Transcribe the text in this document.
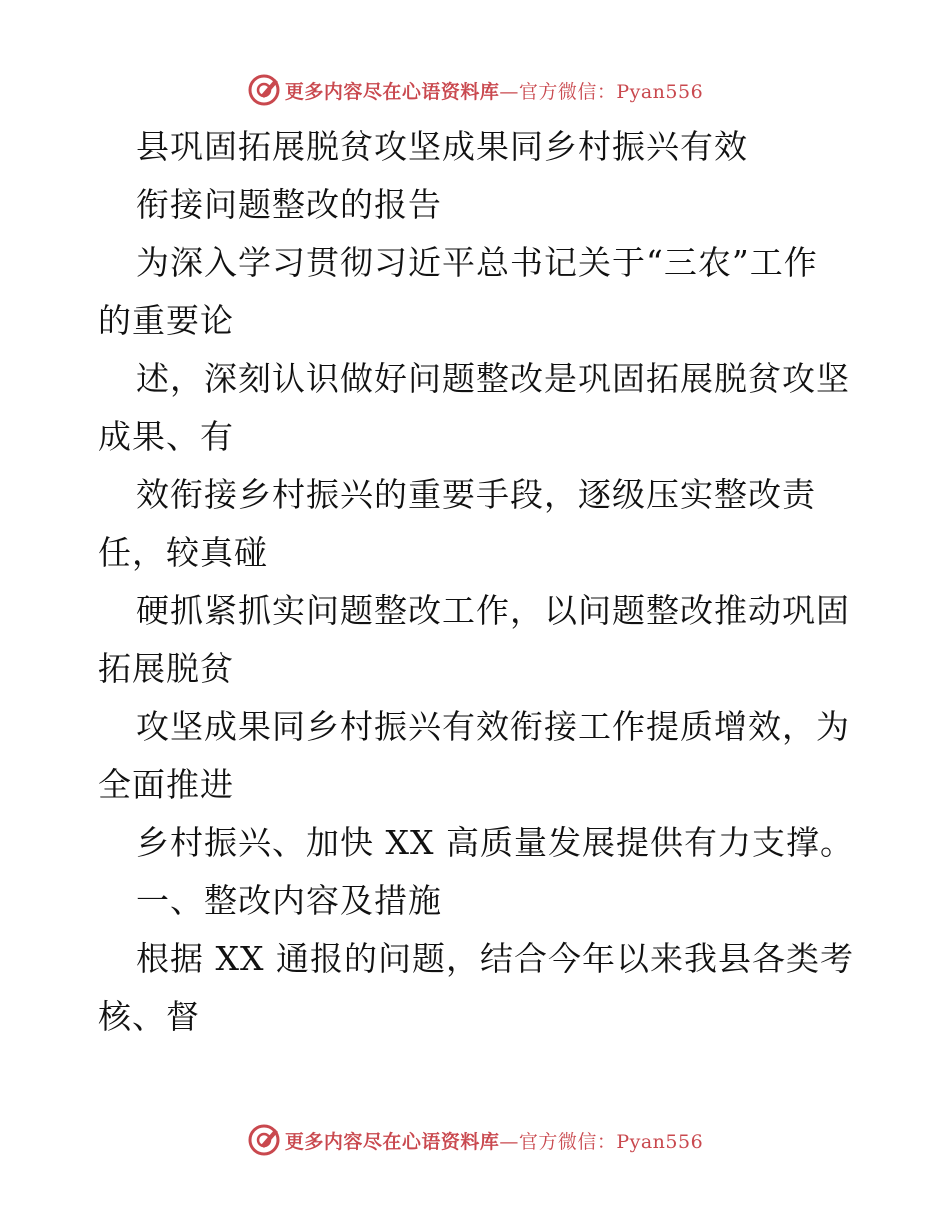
更多内容尽在心语资料库—官方微信：Pyan556
县巩固拓展脱贫攻坚成果同乡村振兴有效
衔接问题整改的报告
为深入学习贯彻习近平总书记关于“三农”工作
的重要论
述，深刻认识做好问题整改是巩固拓展脱贫攻坚
成果、有
效衔接乡村振兴的重要手段，逐级压实整改责
任，较真碰
硬抓紧抓实问题整改工作，以问题整改推动巩固
拓展脱贫
攻坚成果同乡村振兴有效衔接工作提质增效，为
全面推进
乡村振兴、加快 XX 高质量发展提供有力支撑。
一、整改内容及措施
根据 XX 通报的问题，结合今年以来我县各类考
核、督
更多内容尽在心语资料库—官方微信：Pyan556
